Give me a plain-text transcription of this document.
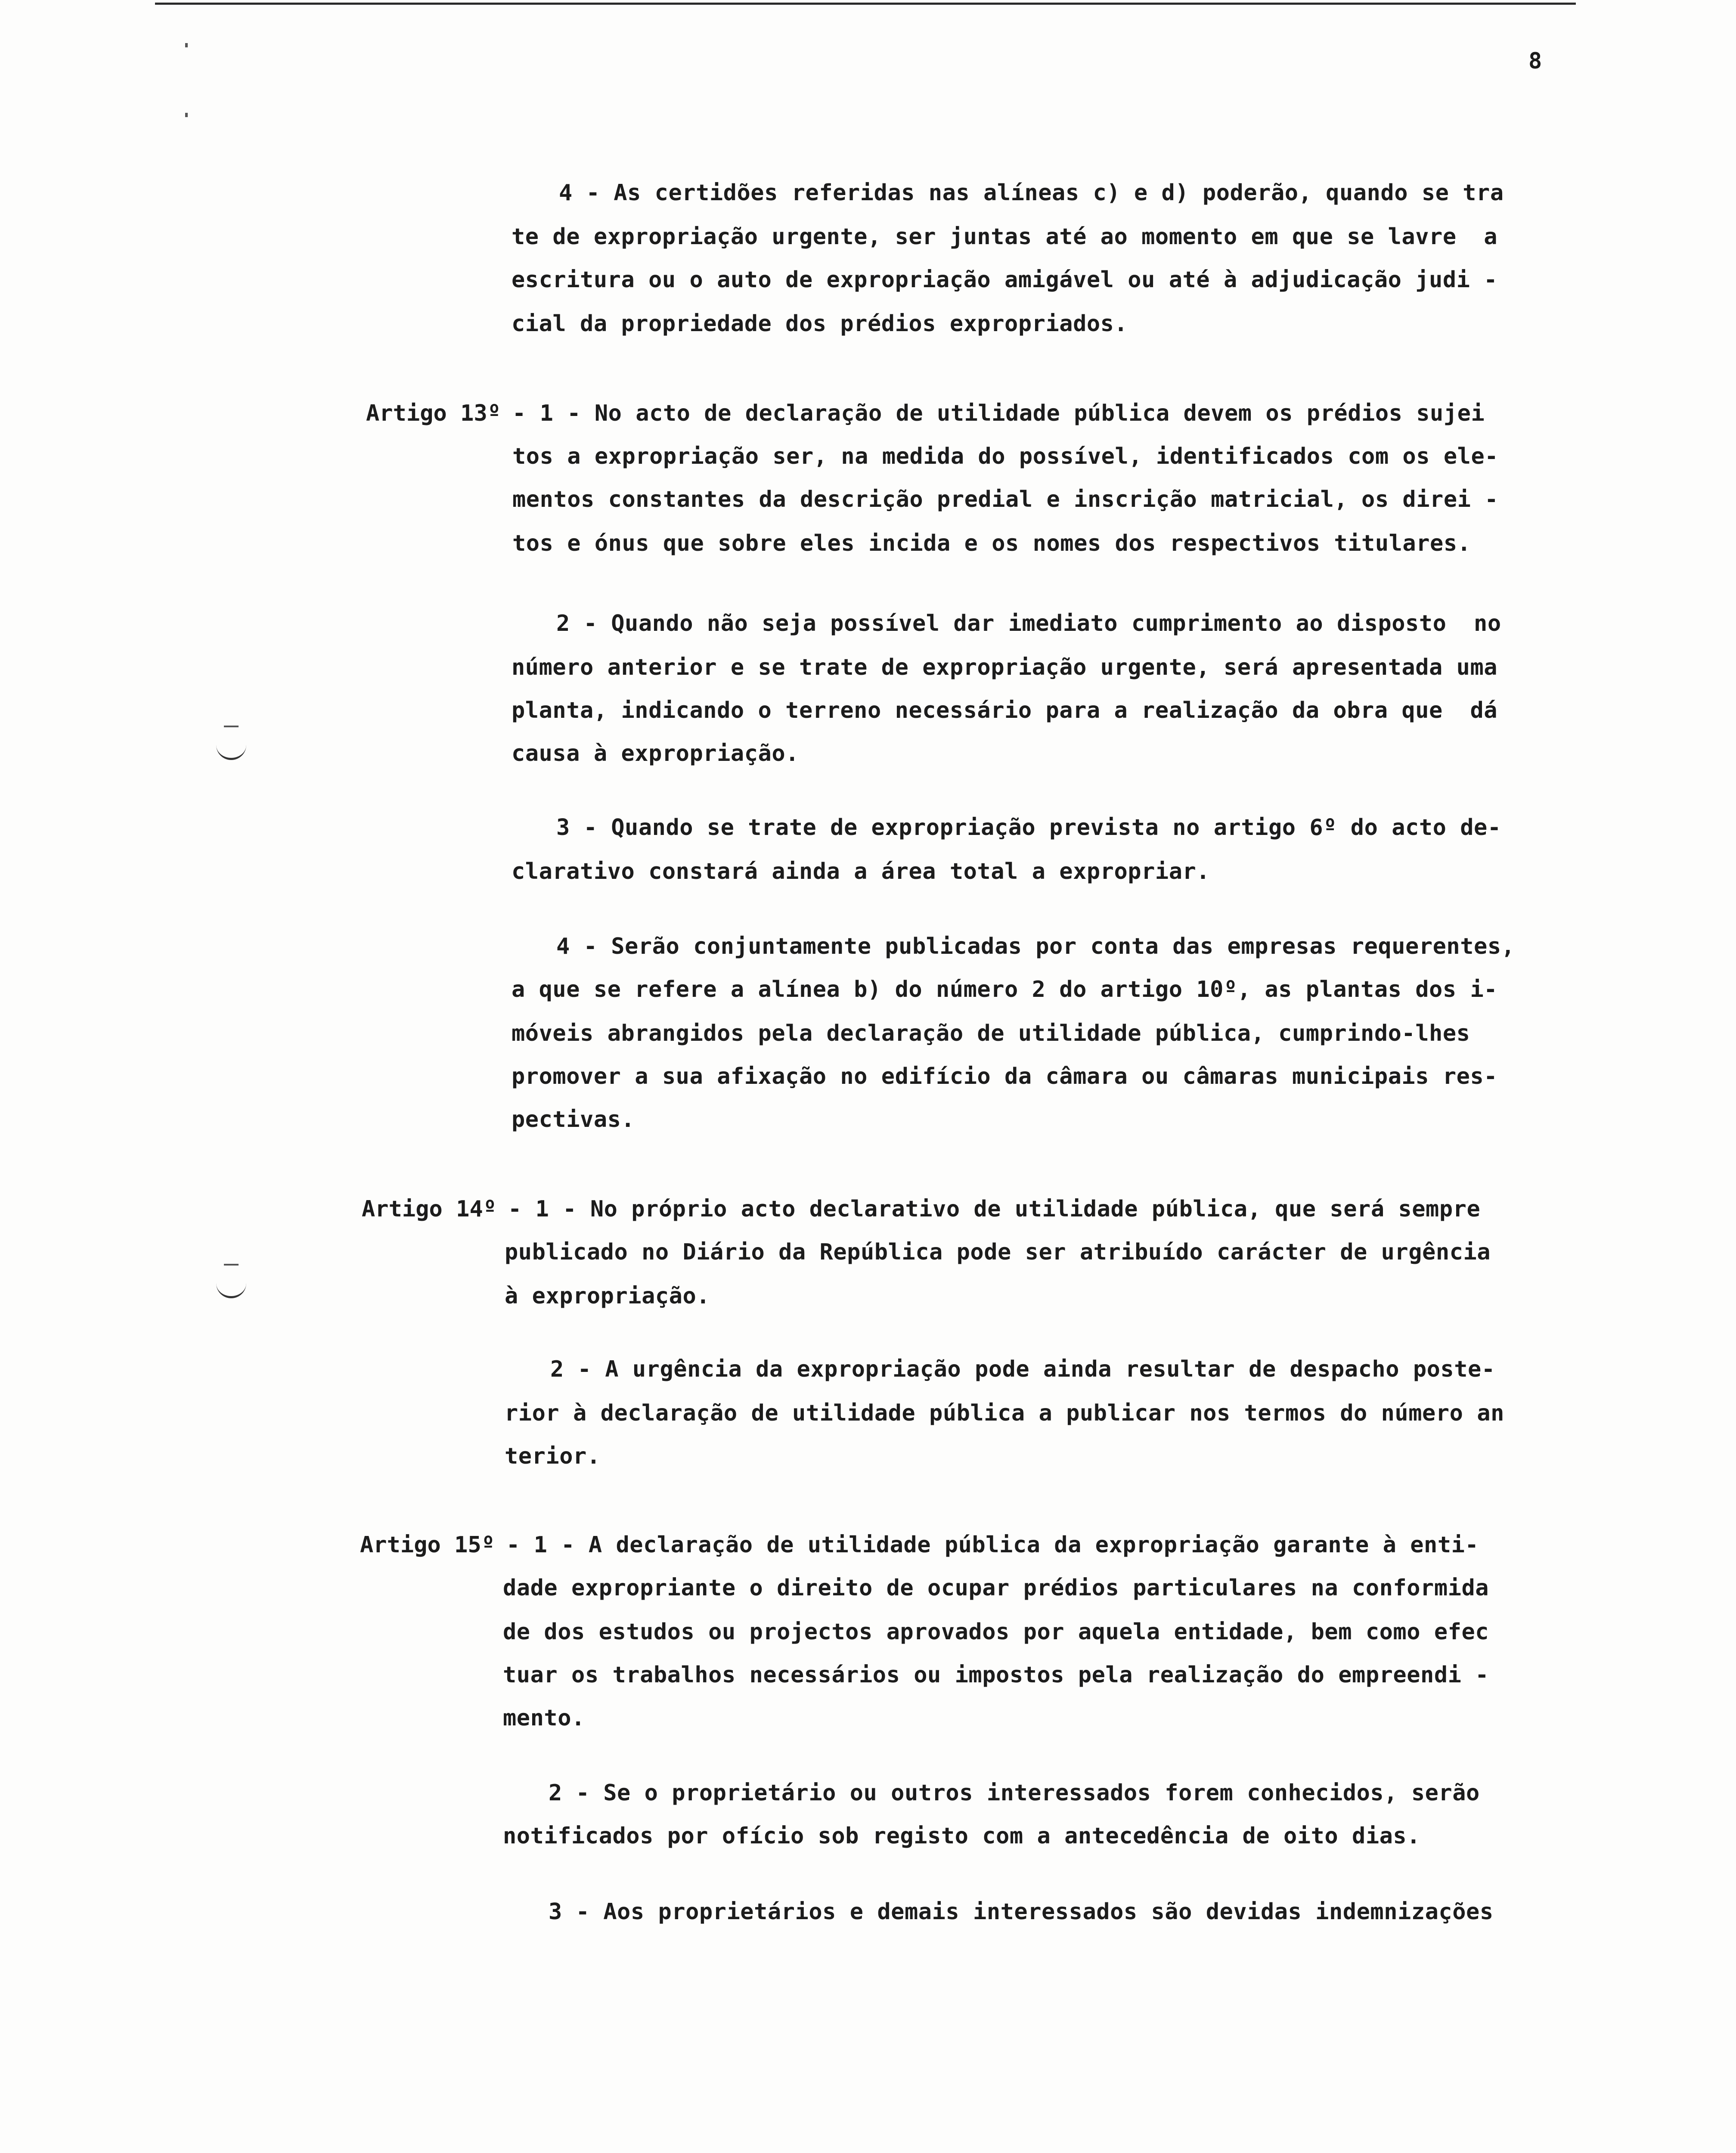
8
4 - As certidões referidas nas alíneas c) e d) poderão, quando se tra
te de expropriação urgente, ser juntas até ao momento em que se lavre  a
escritura ou o auto de expropriação amigável ou até à adjudicação judi -
cial da propriedade dos prédios expropriados.
Artigo 13º - 1 - No acto de declaração de utilidade pública devem os prédios sujei
tos a expropriação ser, na medida do possível, identificados com os ele-
mentos constantes da descrição predial e inscrição matricial, os direi -
tos e ónus que sobre eles incida e os nomes dos respectivos titulares.
2 - Quando não seja possível dar imediato cumprimento ao disposto  no
número anterior e se trate de expropriação urgente, será apresentada uma
planta, indicando o terreno necessário para a realização da obra que  dá
causa à expropriação.
3 - Quando se trate de expropriação prevista no artigo 6º do acto de-
clarativo constará ainda a área total a expropriar.
4 - Serão conjuntamente publicadas por conta das empresas requerentes,
a que se refere a alínea b) do número 2 do artigo 10º, as plantas dos i-
móveis abrangidos pela declaração de utilidade pública, cumprindo-lhes
promover a sua afixação no edifício da câmara ou câmaras municipais res-
pectivas.
Artigo 14º - 1 - No próprio acto declarativo de utilidade pública, que será sempre
publicado no Diário da República pode ser atribuído carácter de urgência
à expropriação.
2 - A urgência da expropriação pode ainda resultar de despacho poste-
rior à declaração de utilidade pública a publicar nos termos do número an
terior.
Artigo 15º - 1 - A declaração de utilidade pública da expropriação garante à enti-
dade expropriante o direito de ocupar prédios particulares na conformida
de dos estudos ou projectos aprovados por aquela entidade, bem como efec
tuar os trabalhos necessários ou impostos pela realização do empreendi -
mento.
2 - Se o proprietário ou outros interessados forem conhecidos, serão
notificados por ofício sob registo com a antecedência de oito dias.
3 - Aos proprietários e demais interessados são devidas indemnizações
